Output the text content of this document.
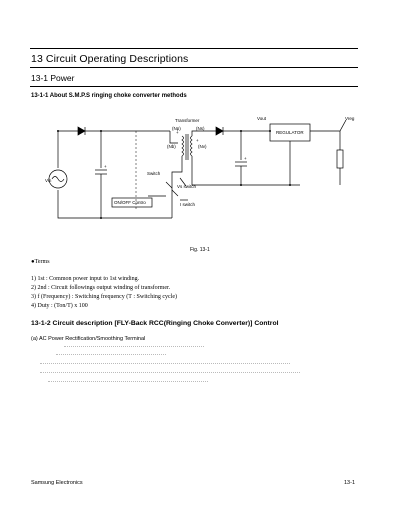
13 Circuit Operating Descriptions
13-1 Power
13-1-1 About S.M.P.S ringing choke converter methods
Transformer
(Np)	(Ns)
(Nb)	(Nv)
Vout	Vreg
REGULATOR
Vin
Switch
Vs switch
I switch
ON/OFF Contro
+
+
+
+
Fig. 13-1
●Terms
1) 1st : Common power input to 1st winding.
2) 2nd : Circuit followings output winding of transformer.
3) f (Frequency) : Switching frequency (T : Switching cycle)
4) Duty : (Ton/T) x 100
13-1-2 Circuit description [FLY-Back RCC(Ringing Choke Converter)] Control
(a) AC Power Rectification/Smoothing Terminal
Samsung Electronics	13-1
